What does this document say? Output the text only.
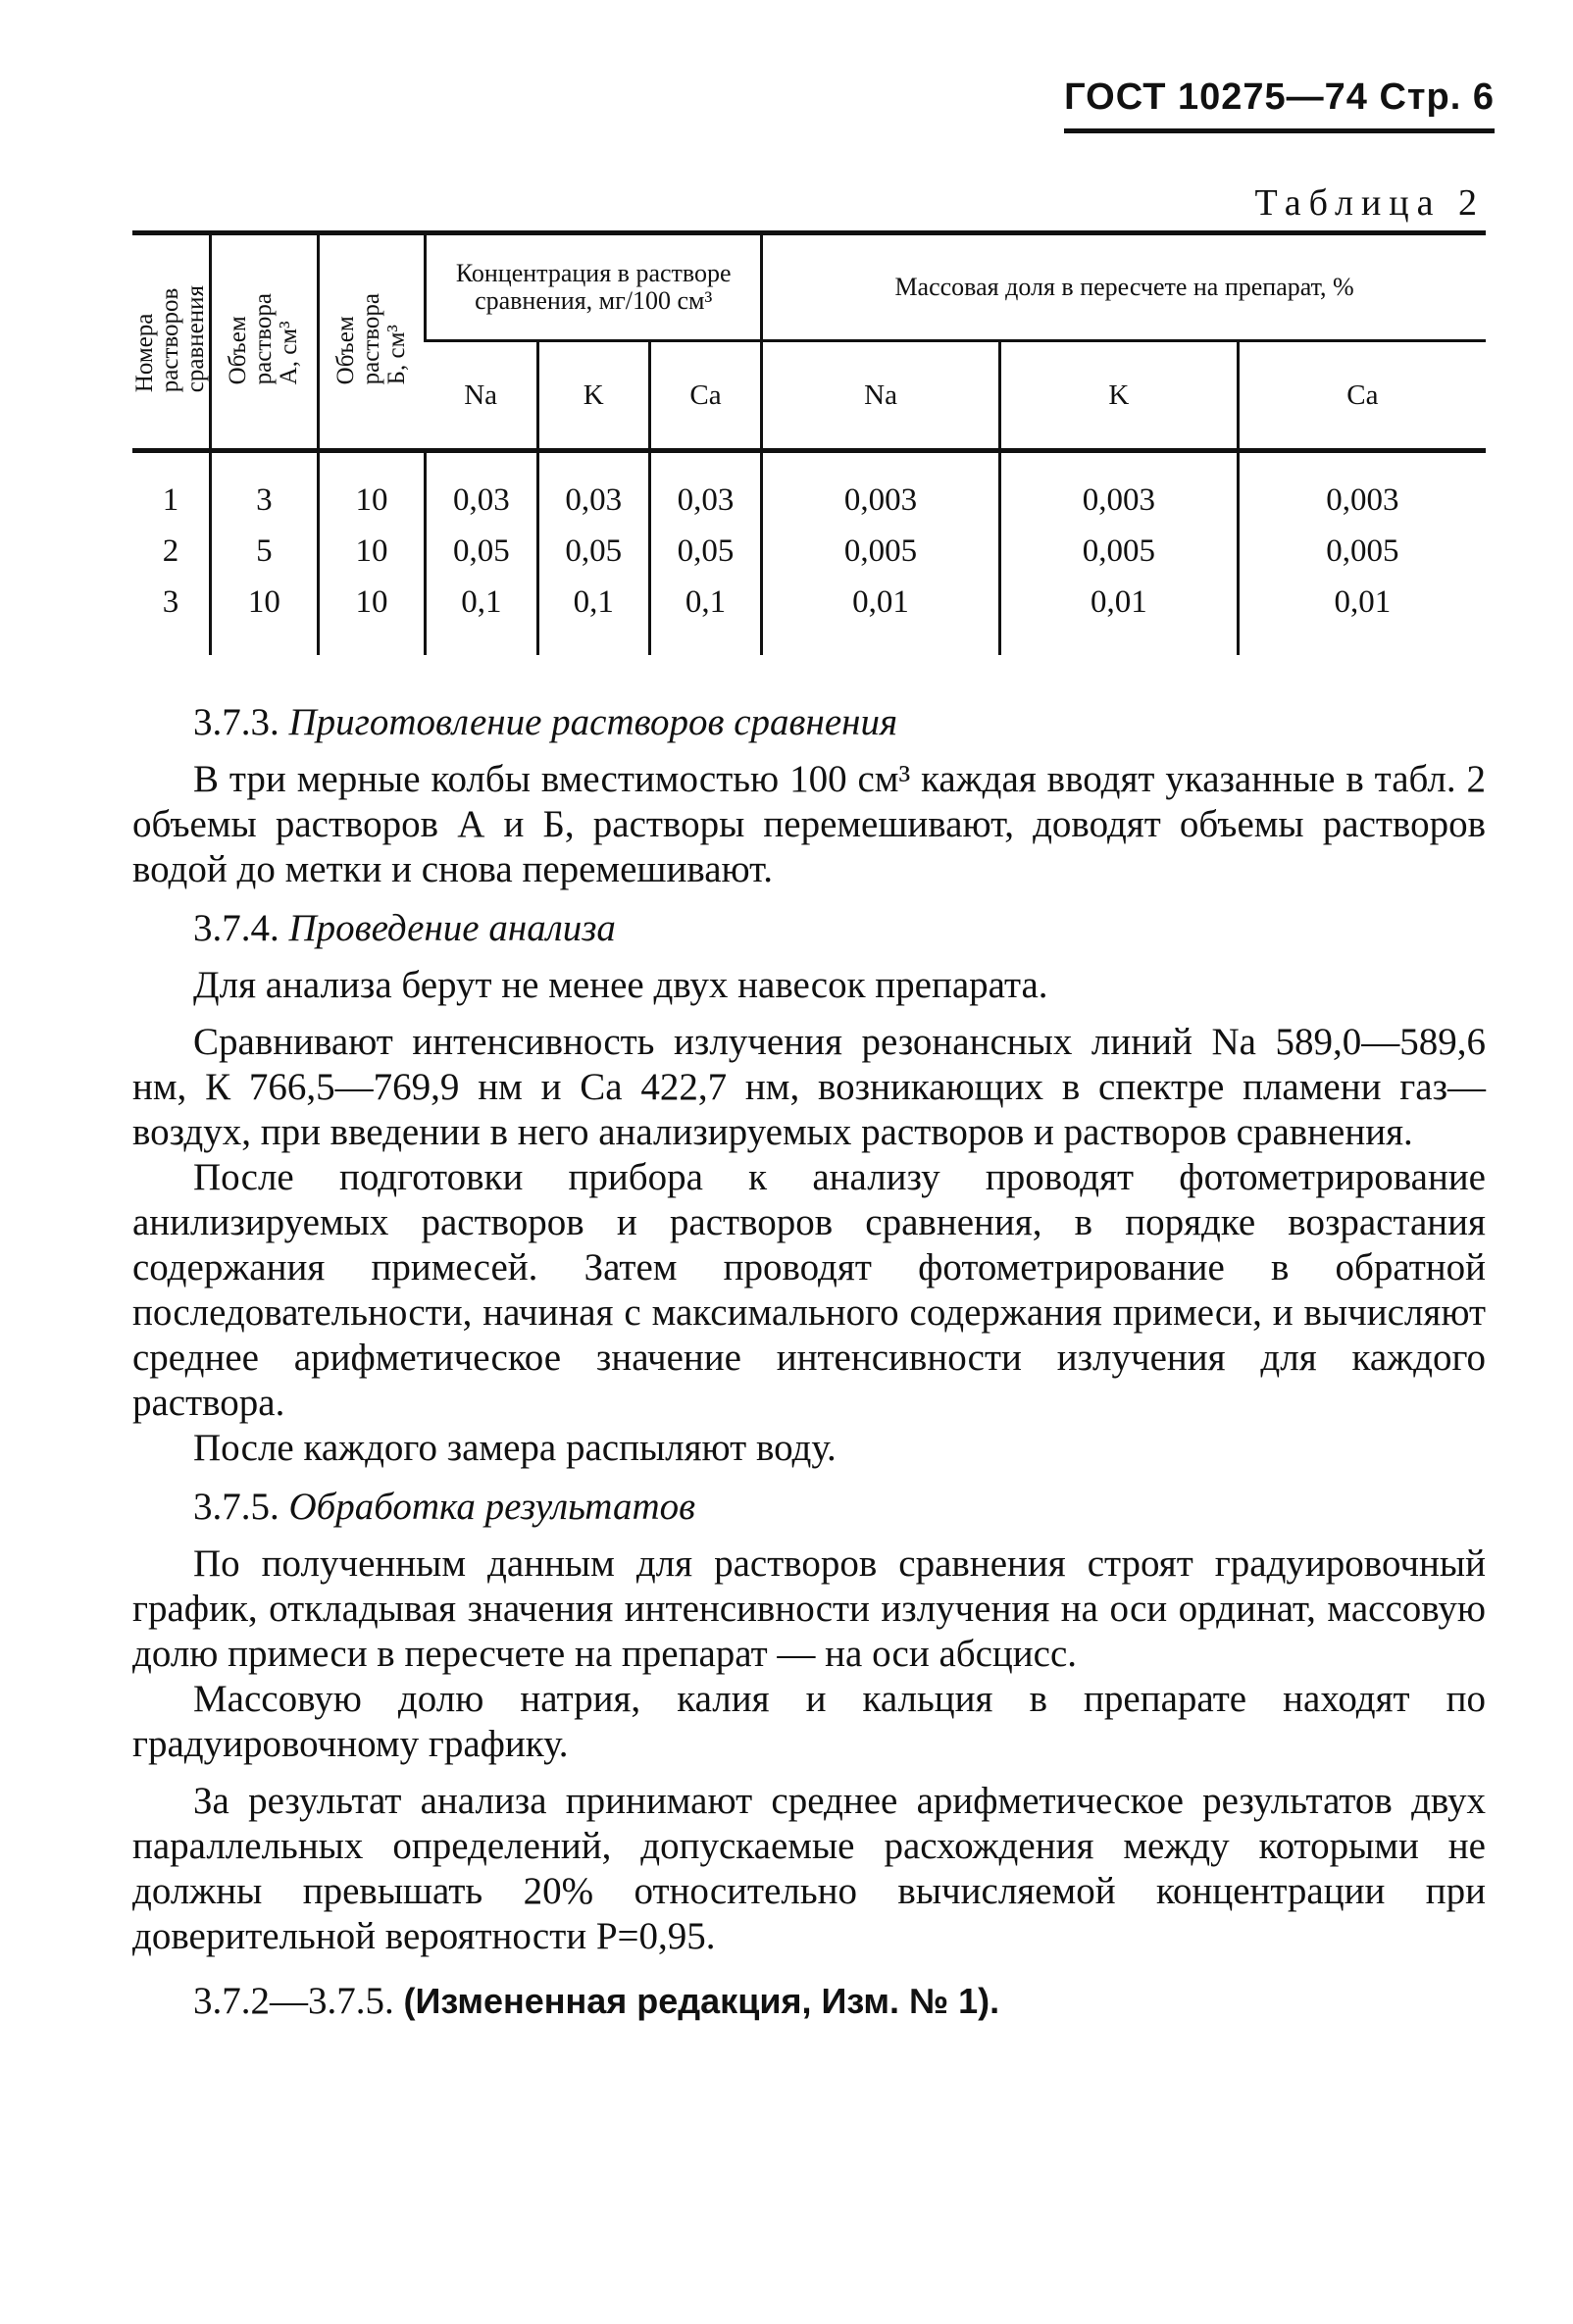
ГОСТ 10275—74 Стр. 6
Таблица 2
Номера
растворов
сравнения	Объем
раствора
А, см³	Объем
раствора
Б, см³	Концентрация в растворе сравнения, мг/100 см³			Массовая доля в пересчете на препарат, %		
			Na	K	Ca	Na	K	Ca
1	3	10	0,03	0,03	0,03	0,003	0,003	0,003
2	5	10	0,05	0,05	0,05	0,005	0,005	0,005
3	10	10	0,1	0,1	0,1	0,01	0,01	0,01

3.7.3. Приготовление растворов сравнения

В три мерные колбы вместимостью 100 см³ каждая вводят указанные в табл. 2 объемы растворов А и Б, растворы перемешивают, доводят объемы растворов водой до метки и снова перемешивают.

3.7.4. Проведение анализа

Для анализа берут не менее двух навесок препарата.

Сравнивают интенсивность излучения резонансных линий Na 589,0—589,6 нм, К 766,5—769,9 нм и Са 422,7 нм, возникающих в спектре пламени газ—воздух, при введении в него анализируемых растворов и растворов сравнения.

После подготовки прибора к анализу проводят фотометрирование анилизируемых растворов и растворов сравнения, в порядке возрастания содержания примесей. Затем проводят фотометрирование в обратной последовательности, начиная с максимального содержания примеси, и вычисляют среднее арифметическое значение интенсивности излучения для каждого раствора.

После каждого замера распыляют воду.

3.7.5. Обработка результатов

По полученным данным для растворов сравнения строят градуировочный график, откладывая значения интенсивности излучения на оси ординат, массовую долю примеси в пересчете на препарат — на оси абсцисс.

Массовую долю натрия, калия и кальция в препарате находят по градуировочному графику.

За результат анализа принимают среднее арифметическое результатов двух параллельных определений, допускаемые расхождения между которыми не должны превышать 20% относительно вычисляемой концентрации при доверительной вероятности P=0,95.

3.7.2—3.7.5. (Измененная редакция, Изм. № 1).
